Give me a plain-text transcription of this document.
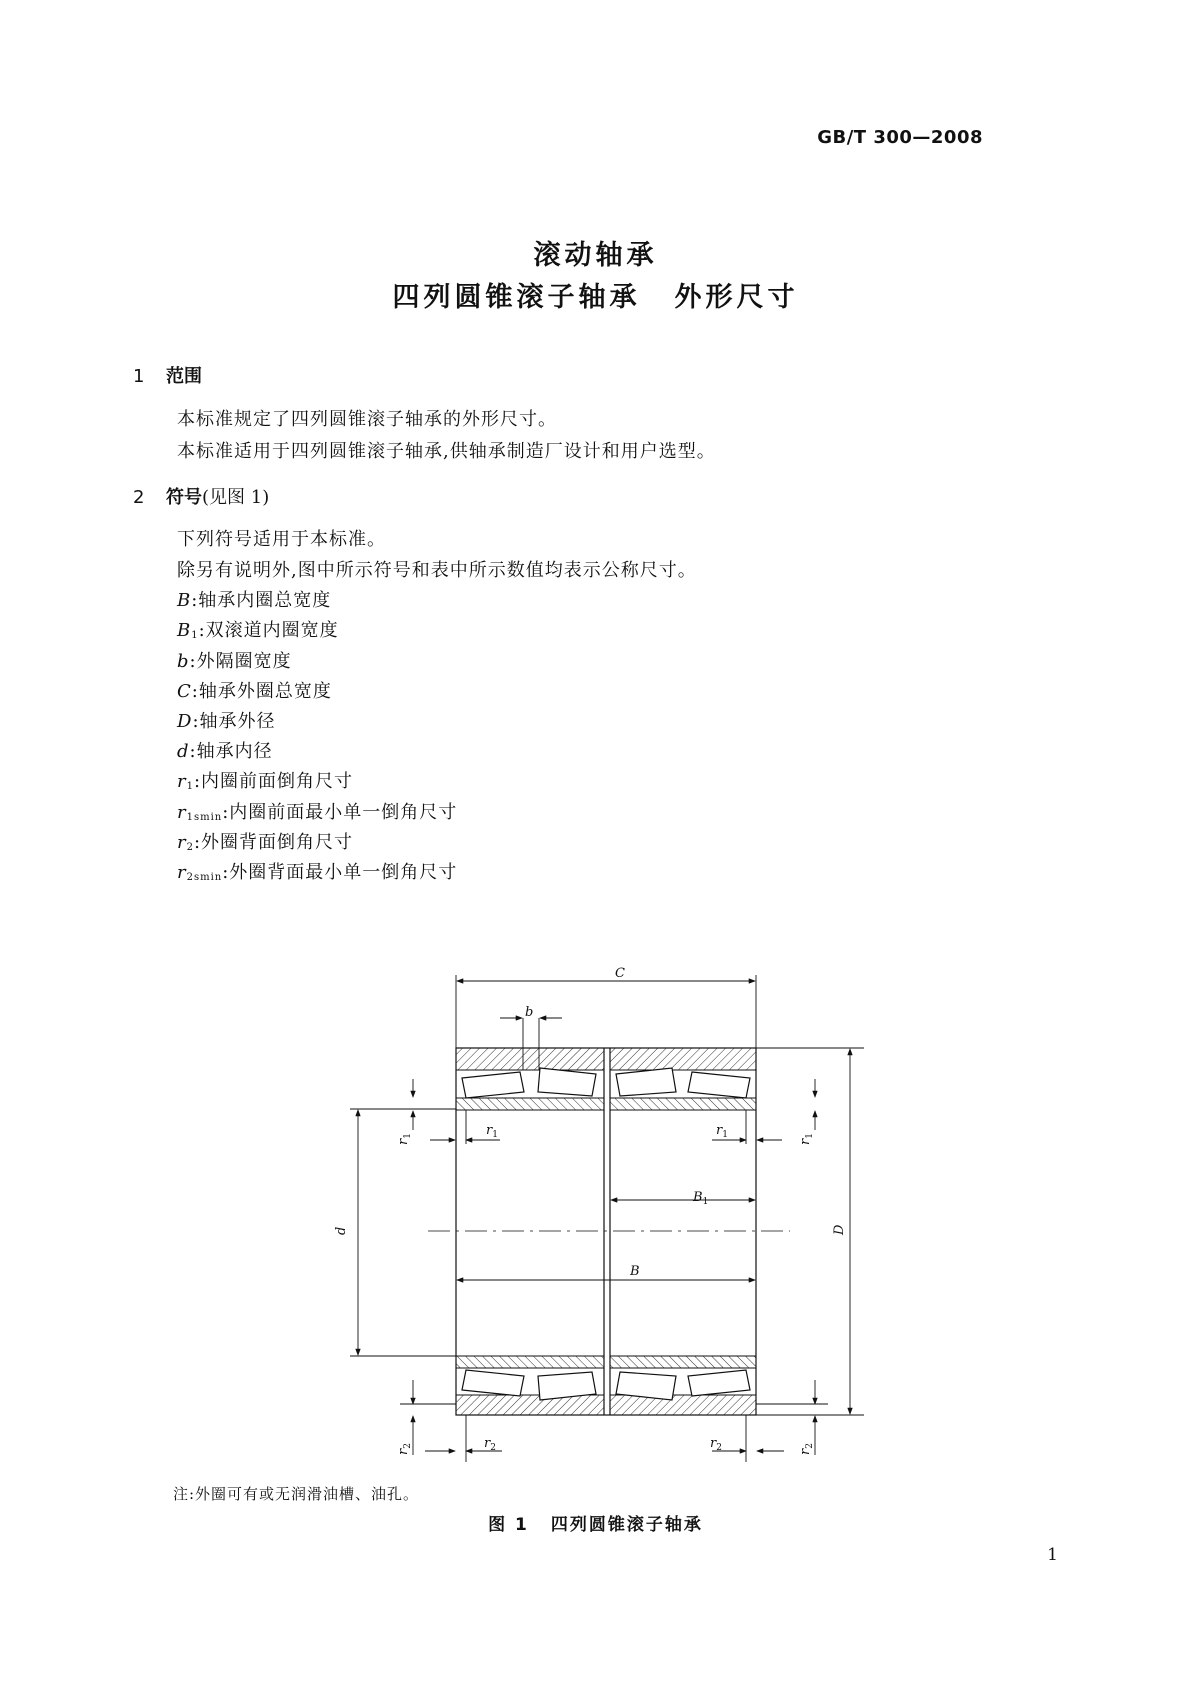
GB/T 300—2008
滚动轴承
四列圆锥滚子轴承 外形尺寸
1 范围
本标准规定了四列圆锥滚子轴承的外形尺寸。
本标准适用于四列圆锥滚子轴承,供轴承制造厂设计和用户选型。
2 符号(见图 1)
下列符号适用于本标准。
除另有说明外,图中所示符号和表中所示数值均表示公称尺寸。
B:轴承内圈总宽度
$B_1$:双滚道内圈宽度
b:外隔圈宽度
C:轴承外圈总宽度
D:轴承外径
d:轴承内径
$r_1$:内圈前面倒角尺寸
$r_{1smin}$:内圈前面最小单一倒角尺寸
$r_2$:外圈背面倒角尺寸
$r_{2smin}$:外圈背面最小单一倒角尺寸
C
b
$B_1$
B
d	D
$r_1$	$r_1$
$r_1$
$r_1$
$r_2$	$r_2$
$r_2$
$r_2$
注:外圈可有或无润滑油槽、油孔。
图 1 四列圆锥滚子轴承
1
